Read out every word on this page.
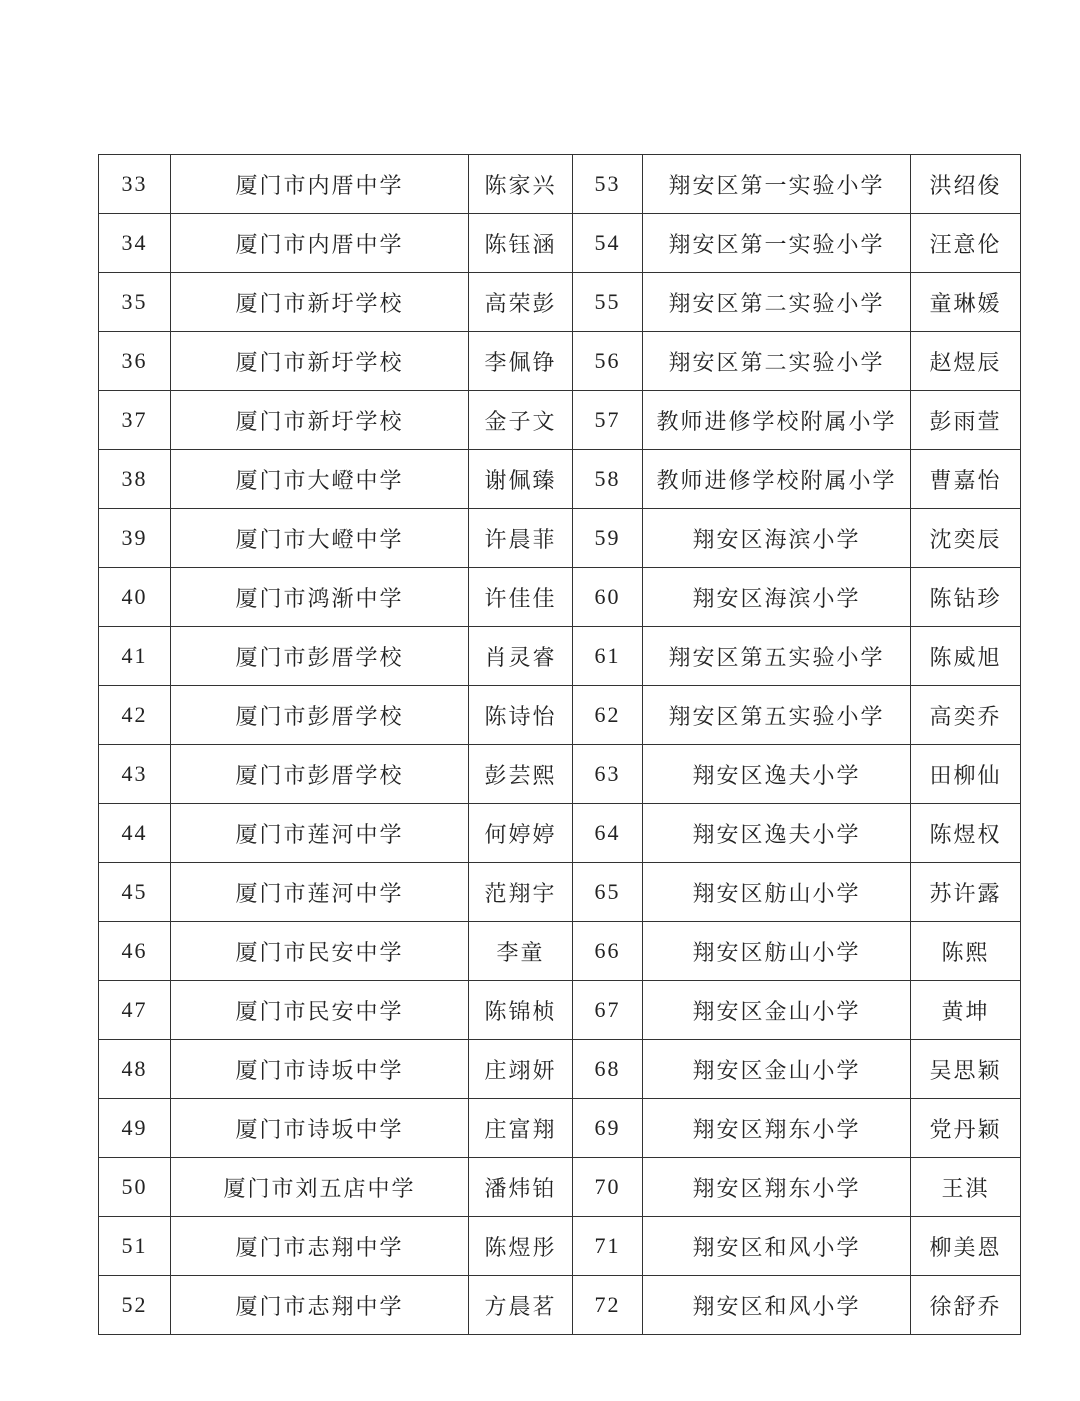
33	厦门市内厝中学	陈家兴	53	翔安区第一实验小学	洪绍俊
34	厦门市内厝中学	陈钰涵	54	翔安区第一实验小学	汪意伦
35	厦门市新圩学校	高荣彭	55	翔安区第二实验小学	童琳媛
36	厦门市新圩学校	李佩铮	56	翔安区第二实验小学	赵煜辰
37	厦门市新圩学校	金子文	57	教师进修学校附属小学	彭雨萱
38	厦门市大嶝中学	谢佩臻	58	教师进修学校附属小学	曹嘉怡
39	厦门市大嶝中学	许晨菲	59	翔安区海滨小学	沈奕辰
40	厦门市鸿渐中学	许佳佳	60	翔安区海滨小学	陈钻珍
41	厦门市彭厝学校	肖灵睿	61	翔安区第五实验小学	陈威旭
42	厦门市彭厝学校	陈诗怡	62	翔安区第五实验小学	高奕乔
43	厦门市彭厝学校	彭芸熙	63	翔安区逸夫小学	田柳仙
44	厦门市莲河中学	何婷婷	64	翔安区逸夫小学	陈煜权
45	厦门市莲河中学	范翔宇	65	翔安区舫山小学	苏许露
46	厦门市民安中学	李童	66	翔安区舫山小学	陈熙
47	厦门市民安中学	陈锦桢	67	翔安区金山小学	黄坤
48	厦门市诗坂中学	庄翊妍	68	翔安区金山小学	吴思颖
49	厦门市诗坂中学	庄富翔	69	翔安区翔东小学	党丹颖
50	厦门市刘五店中学	潘炜铂	70	翔安区翔东小学	王淇
51	厦门市志翔中学	陈煜彤	71	翔安区和风小学	柳美恩
52	厦门市志翔中学	方晨茗	72	翔安区和风小学	徐舒乔
